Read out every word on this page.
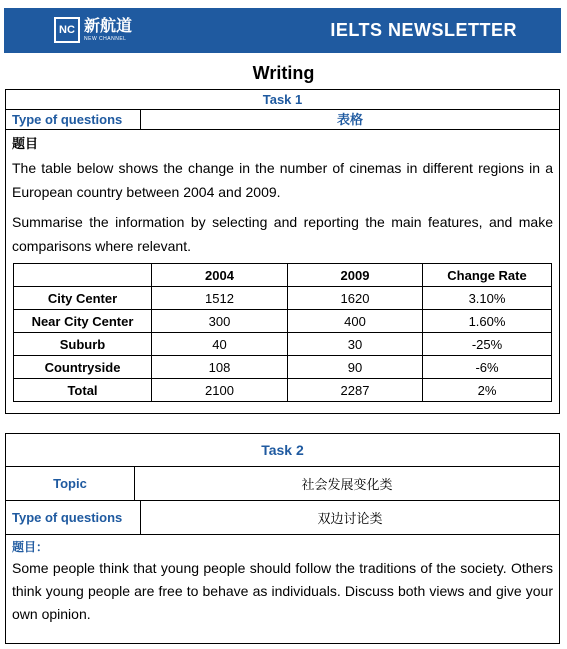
NC 新航道
NEW CHANNEL	IELTS NEWSLETTER
Writing
Task 1
Type of questions	表格
题目
The table below shows the change in the number of cinemas in different regions in a European country between 2004 and 2009.
Summarise the information by selecting and reporting the main features, and make comparisons where relevant.
	2004	2009	Change Rate
City Center	1512	1620	3.10%
Near City Center	300	400	1.60%
Suburb	40	30	-25%
Countryside	108	90	-6%
Total	2100	2287	2%
Task 2
Topic	社会发展变化类
Type of questions	双边讨论类
题目：
Some people think that young people should follow the traditions of the society. Others think young people are free to behave as individuals. Discuss both views and give your own opinion.
